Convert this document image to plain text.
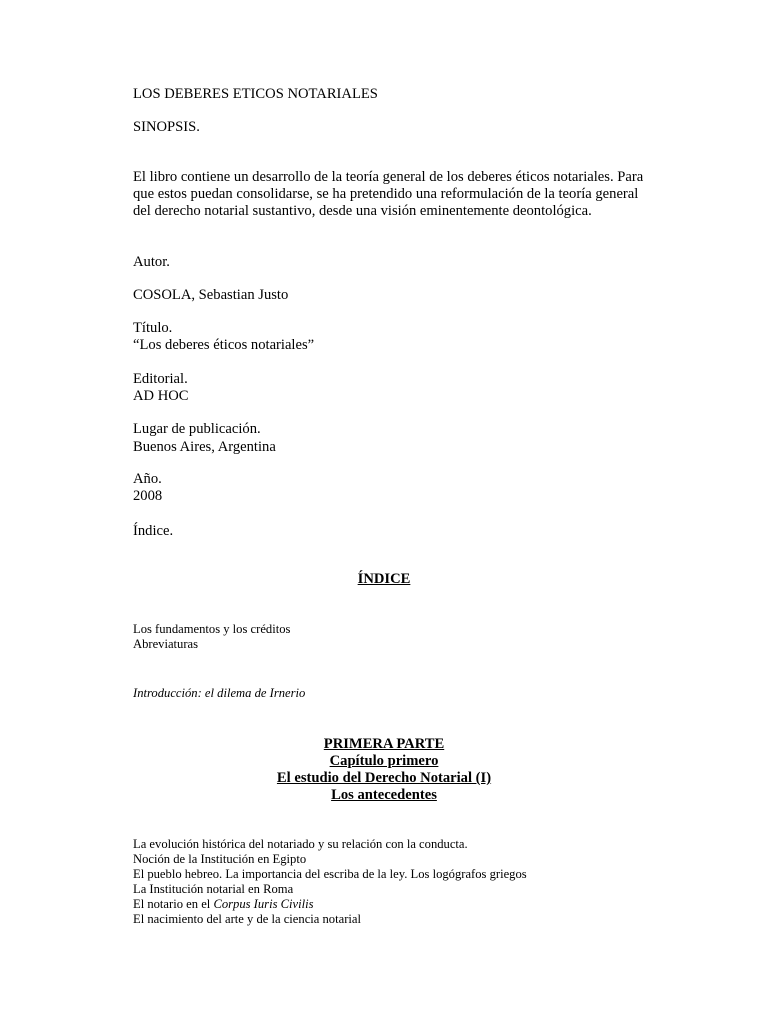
LOS DEBERES ETICOS NOTARIALES

SINOPSIS.

El libro contiene un desarrollo de la teoría general de los deberes éticos notariales. Para

que estos puedan consolidarse, se ha pretendido una reformulación de la teoría general

del derecho notarial sustantivo, desde una visión eminentemente deontológica.

Autor.

COSOLA, Sebastian Justo

Título.

“Los deberes éticos notariales”

Editorial.

AD HOC

Lugar de publicación.

Buenos Aires, Argentina

Año.

2008

Índice.

ÍNDICE

Los fundamentos y los créditos

Abreviaturas

Introducción: el dilema de Irnerio

PRIMERA PARTE

Capítulo primero

El estudio del Derecho Notarial (I)

Los antecedentes

La evolución histórica del notariado y su relación con la conducta.

Noción de la Institución en Egipto

El pueblo hebreo. La importancia del escriba de la ley. Los logógrafos griegos

La Institución notarial en Roma

El notario en el Corpus Iuris Civilis

El nacimiento del arte y de la ciencia notarial
